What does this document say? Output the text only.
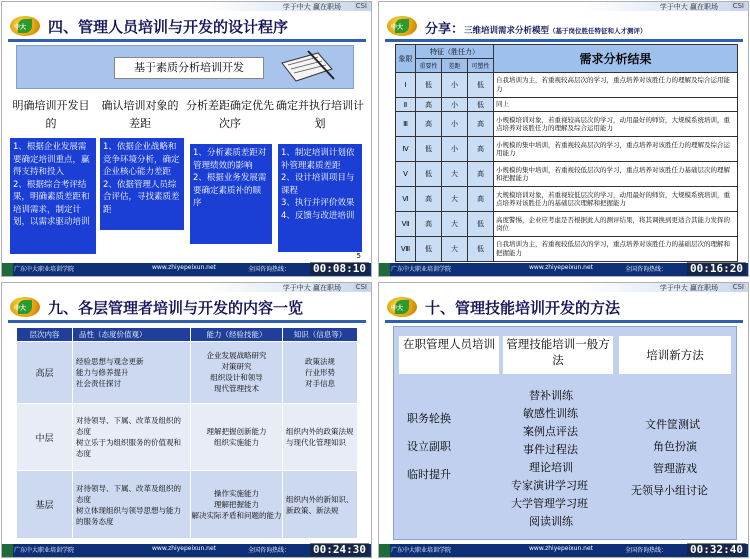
学于中大 赢在职场 CSI
中大 四、管理人员培训与开发的设计程序
基于素质分析培训开发
明确培训开发目的
确认培训对象的差距
分析差距确定优先次序
确定并执行培训计划
1、根据企业发展需要确定培训重点，赢得支持和投入
2、根据综合考评结果，明确素质差距和培训需求，制定计划，以需求驱动培训
1、依据企业战略和竞争环境分析，确定企业核心能力差距
2、依据管理人员综合评估，寻找素质差距
1、分析素质差距对管理绩效的影响
2、根据业务发展需要确定素质补的顺序
1、制定培训计划依补管理素质差距
2、设计培训项目与课程
3、执行并评价效果
4、反馈与改进培训
5
广东中大职业培训学院	www.zhiyepeixun.net	全国咨询热线： 00:08:10
学于中大 赢在职场 CSI
中大 分享：三维培训需求分析模型（基于岗位胜任特征和人才测评）
象限	特征（胜任力）			需求分析结果
	重要性	差距	可塑性	
Ⅰ	低	小	低	自我培训为主，若重视较高层次的学习，重点培养对该胜任力的理解及综合运用能力
Ⅱ	高	小	低	同上
Ⅲ	高	小	高	小规模培训对象，若重视较高层次的学习，动用最好的师资，大规模系统培训，重点培养对该胜任力的理解及综合运用能力
Ⅳ	低	小	高	小规模的集中培训，若重视较高层次的学习，重点培养对该胜任力的理解及综合运用能力
Ⅴ	低	大	高	小规模的集中培训，若重视较低层次的学习，重点培养对该胜任力基础层次的理解和把握能力
Ⅵ	高	大	高	大规模培训对象，若重视较低层次的学习，动用最好的师资，大规模系统培训，重点培养对该胜任力的基础层次理解和把握能力
Ⅶ	高	大	低	高度警惕，企业应考虑是否根据此人的测评结果，将其调换到更适合其能力发挥的岗位
Ⅷ	低	大	低	自我培训为主，若重视较低层次的学习，重点培养对该胜任力的基础层次的理解和把握能力
广东中大职业培训学院	www.zhiyepeixun.net	全国咨询热线： 00:16:20
学于中大 赢在职场 CSI
中大 九、各层管理者培训与开发的内容一览
层次内容	品性（态度价值观）	能力（经验技能）	知识（信息等）
高层	经验思想与观念更新
能力与修养提升
社会责任探讨	企业发展战略研究
对策研究
组织设计和领导
现代管理技术	政策法规
行业形势
对手信息
中层	对待领导、下属、改革及组织的态度
树立乐于为组织服务的价值观和态度	理解把握创新能力
组织实施能力	组织内外的政策法规与现代化管理知识
基层	对待领导、下属、改革及组织的态度
树立体现组织与领导思想与能力的服务态度	操作实施能力
理解把握能力
解决实际矛盾和问题的能力	组织内外的新知识、新政策、新法规
广东中大职业培训学院	www.zhiyepeixun.net	全国咨询热线： 00:24:30
学于中大 赢在职场 CSI
中大 十、管理技能培训开发的方法
在职管理人员培训 管理技能培训一般方法	培训新方法
职务轮换
设立副职
临时提升
替补训练
敏感性训练
案例点评法
事件过程法
理论培训
专家演讲学习班
大学管理学习班
阅读训练
文件筐测试
角色扮演
管理游戏
无领导小组讨论
广东中大职业培训学院	www.zhiyepeixun.net	全国咨询热线： 00:32:40
